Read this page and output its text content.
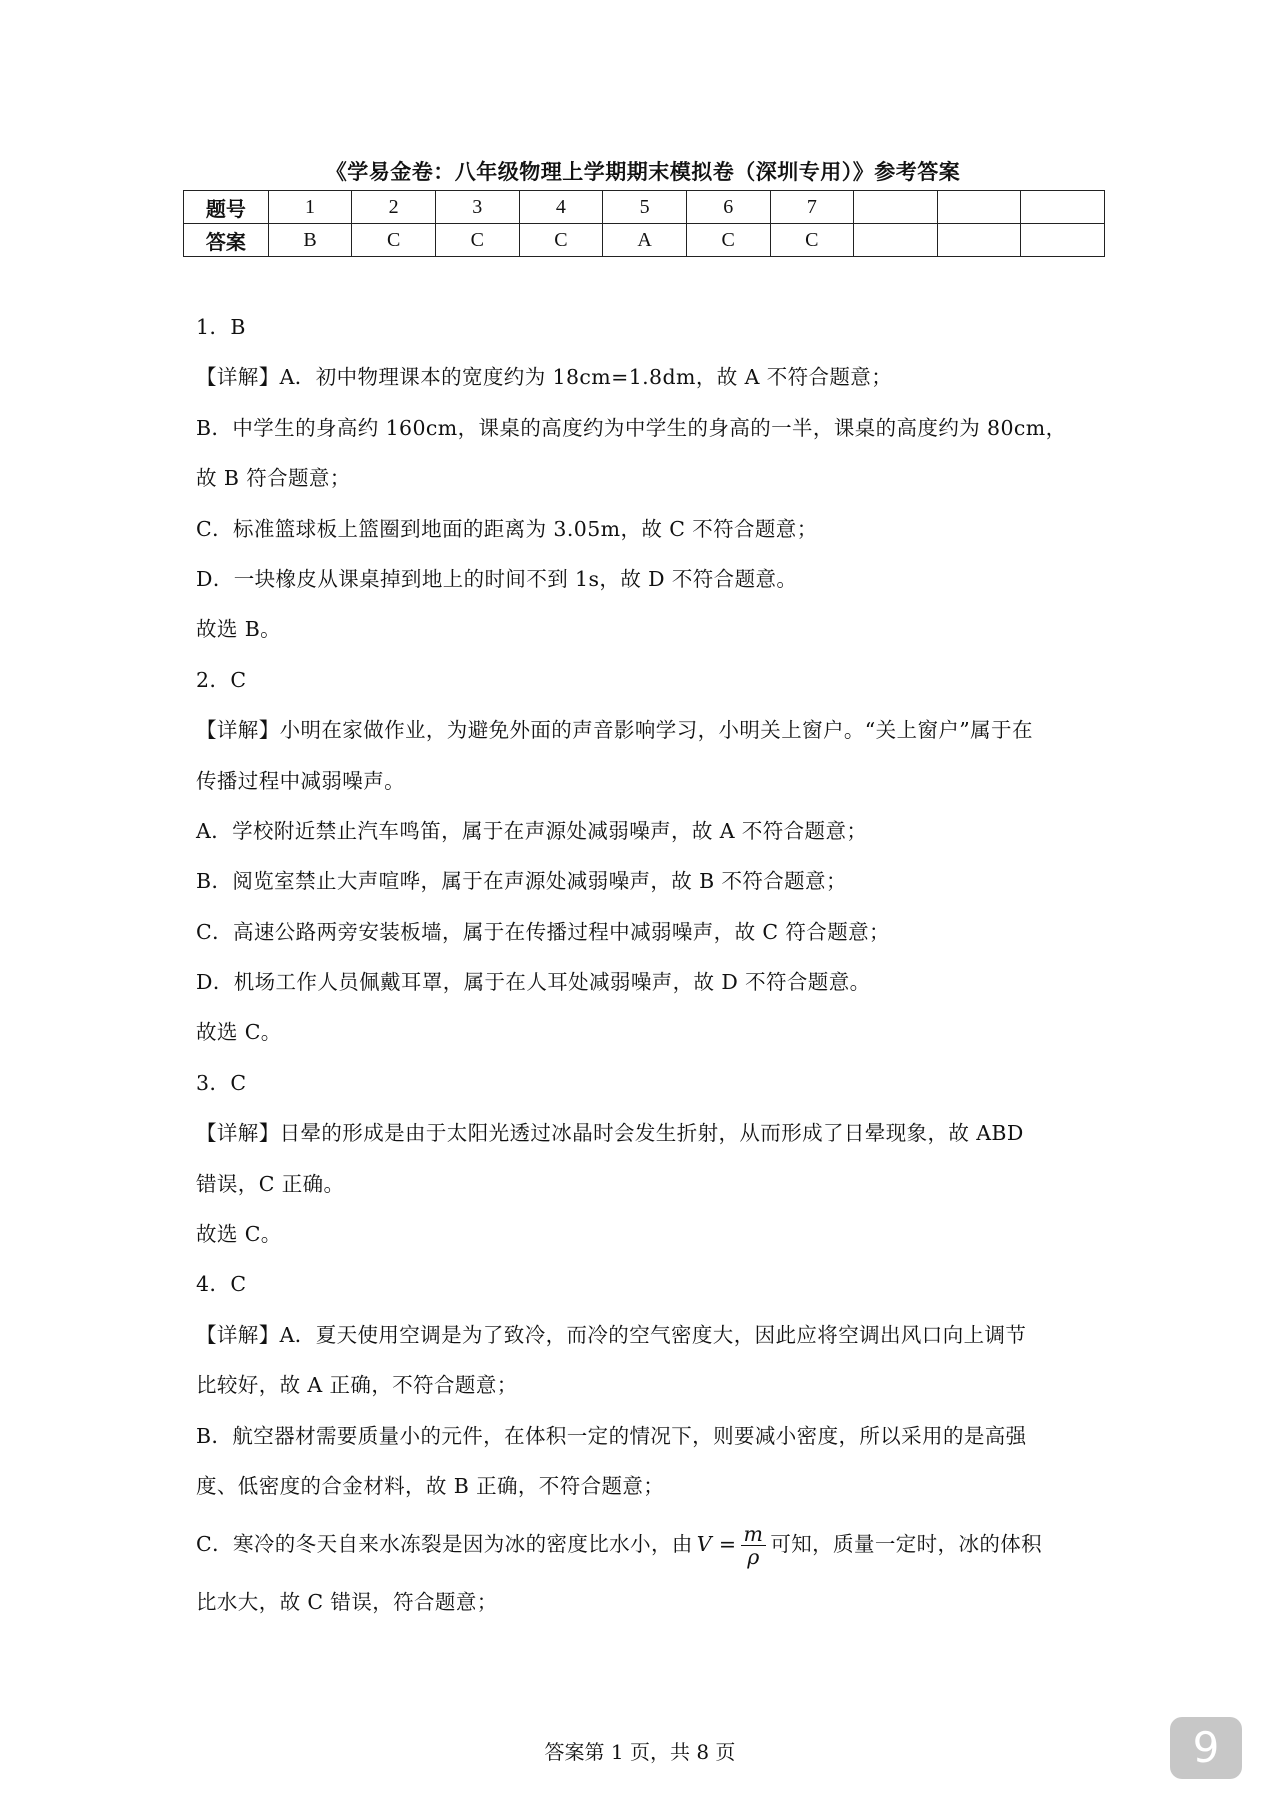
《学易金卷：八年级物理上学期期末模拟卷（深圳专用）》参考答案
题号	1	2	3	4	5	6	7			
答案	B	C	C	C	A	C	C			
1．B
【详解】A．初中物理课本的宽度约为 18cm=1.8dm，故 A 不符合题意；
B．中学生的身高约 160cm，课桌的高度约为中学生的身高的一半，课桌的高度约为 80cm，
故 B 符合题意；
C．标准篮球板上篮圈到地面的距离为 3.05m，故 C 不符合题意；
D．一块橡皮从课桌掉到地上的时间不到 1s，故 D 不符合题意。
故选 B。
2．C
【详解】小明在家做作业，为避免外面的声音影响学习，小明关上窗户。“关上窗户”属于在
传播过程中减弱噪声。
A．学校附近禁止汽车鸣笛，属于在声源处减弱噪声，故 A 不符合题意；
B．阅览室禁止大声喧哗，属于在声源处减弱噪声，故 B 不符合题意；
C．高速公路两旁安装板墙，属于在传播过程中减弱噪声，故 C 符合题意；
D．机场工作人员佩戴耳罩，属于在人耳处减弱噪声，故 D 不符合题意。
故选 C。
3．C
【详解】日晕的形成是由于太阳光透过冰晶时会发生折射，从而形成了日晕现象，故 ABD
错误，C 正确。
故选 C。
4．C
【详解】A．夏天使用空调是为了致冷，而冷的空气密度大，因此应将空调出风口向上调节
比较好，故 A 正确，不符合题意；
B．航空器材需要质量小的元件，在体积一定的情况下，则要减小密度，所以采用的是高强
度、低密度的合金材料，故 B 正确，不符合题意；
C．寒冷的冬天自来水冻裂是因为冰的密度比水小，由 $V = \frac{m}{\rho}$ 可知，质量一定时，冰的体积
比水大，故 C 错误，符合题意；
答案第 1 页，共 8 页	9
